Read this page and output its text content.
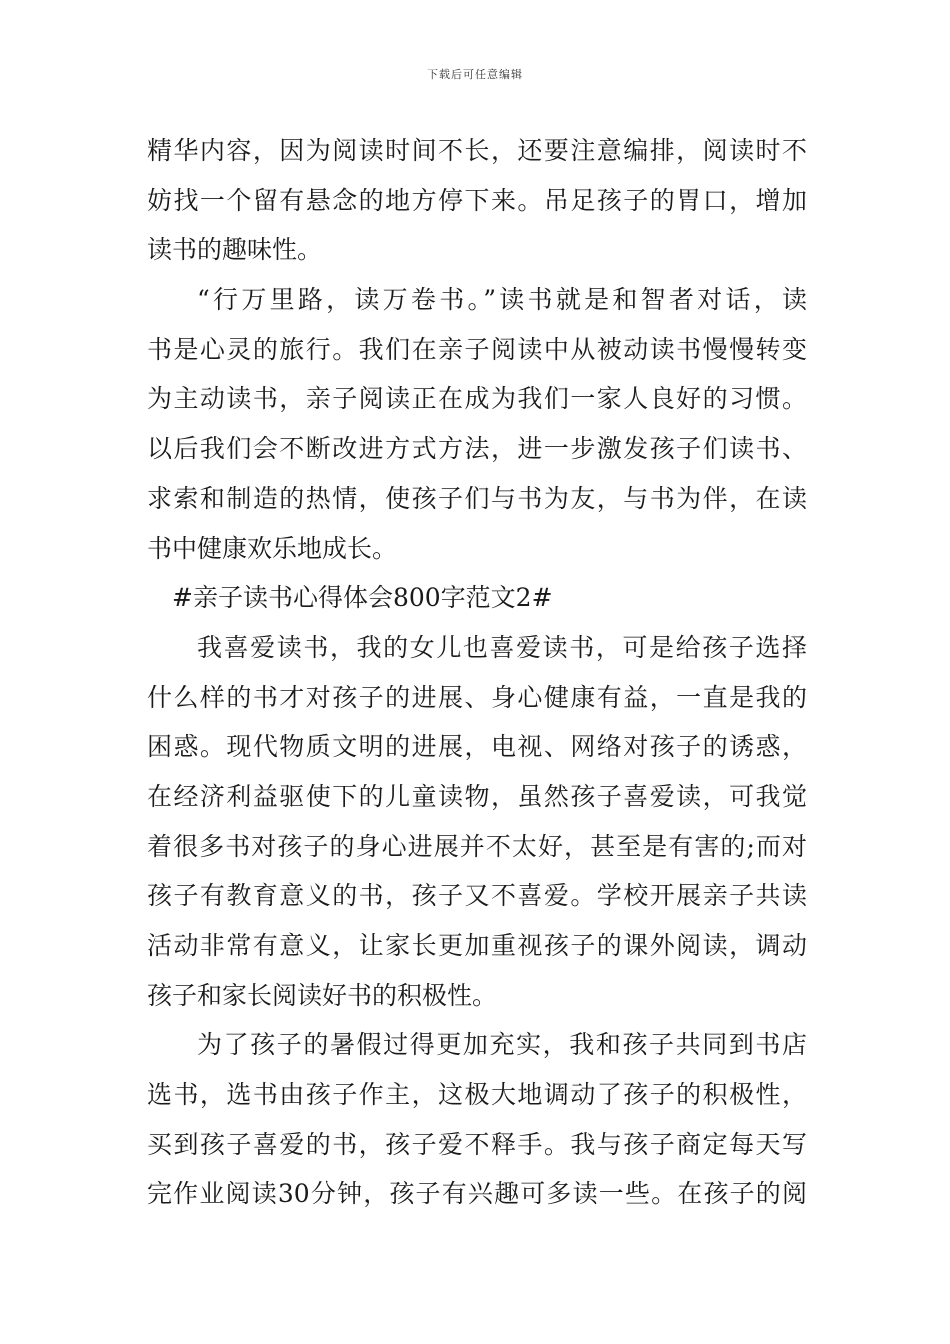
下载后可任意编辑
精华内容，因为阅读时间不长，还要注意编排，阅读时不
妨找一个留有悬念的地方停下来。吊足孩子的胃口，增加
读书的趣味性。
“行万里路，读万卷书。”读书就是和智者对话，读
书是心灵的旅行。我们在亲子阅读中从被动读书慢慢转变
为主动读书，亲子阅读正在成为我们一家人良好的习惯。
以后我们会不断改进方式方法，进一步激发孩子们读书、
求索和制造的热情，使孩子们与书为友，与书为伴，在读
书中健康欢乐地成长。
#亲子读书心得体会800字范文2#
我喜爱读书，我的女儿也喜爱读书，可是给孩子选择
什么样的书才对孩子的进展、身心健康有益，一直是我的
困惑。现代物质文明的进展，电视、网络对孩子的诱惑，
在经济利益驱使下的儿童读物，虽然孩子喜爱读，可我觉
着很多书对孩子的身心进展并不太好，甚至是有害的;而对
孩子有教育意义的书，孩子又不喜爱。学校开展亲子共读
活动非常有意义，让家长更加重视孩子的课外阅读，调动
孩子和家长阅读好书的积极性。
为了孩子的暑假过得更加充实，我和孩子共同到书店
选书，选书由孩子作主，这极大地调动了孩子的积极性，
买到孩子喜爱的书，孩子爱不释手。我与孩子商定每天写
完作业阅读30分钟，孩子有兴趣可多读一些。在孩子的阅
